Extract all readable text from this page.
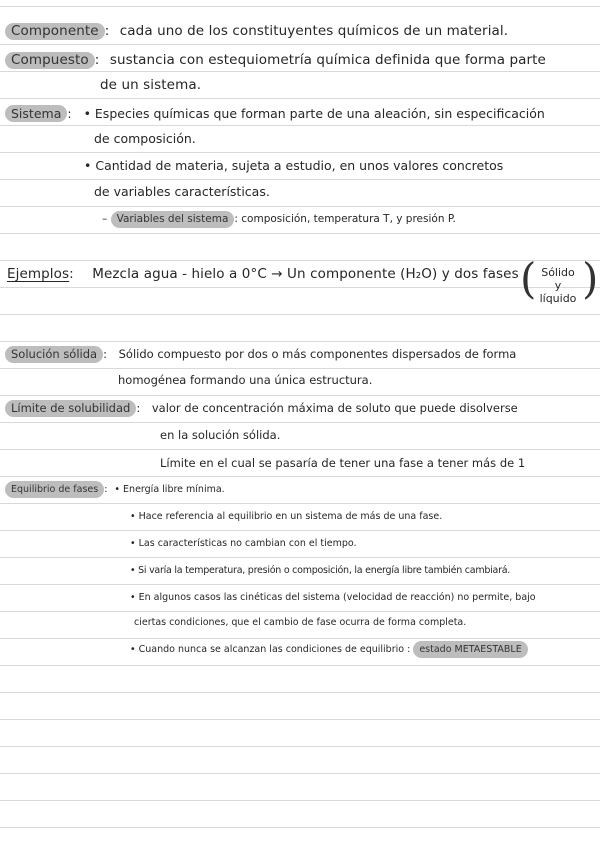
Componente : cada uno de los constituyentes químicos de un material.
Compuesto : sustancia con estequiometría química definida que forma parte
de un sistema.
Sistema : • Especies químicas que forman parte de una aleación, sin especificación
de composición.
• Cantidad de materia, sujeta a estudio, en unos valores concretos
de variables características.
– Variables del sistema : composición, temperatura T, y presión P.
Ejemplos: Mezcla agua - hielo a 0°C → Un componente (H₂O) y dos fases ( Sólido
y
líquido )
Solución sólida : Sólido compuesto por dos o más componentes dispersados de forma
homogénea formando una única estructura.
Límite de solubilidad : valor de concentración máxima de soluto que puede disolverse
en la solución sólida.
Límite en el cual se pasaría de tener una fase a tener más de 1
Equilibrio de fases : • Energía libre mínima.
• Hace referencia al equilibrio en un sistema de más de una fase.
• Las características no cambian con el tiempo.
• Si varía la temperatura, presión o composición, la energía libre también cambiará.
• En algunos casos las cinéticas del sistema (velocidad de reacción) no permite, bajo
ciertas condiciones, que el cambio de fase ocurra de forma completa.
• Cuando nunca se alcanzan las condiciones de equilibrio : estado METAESTABLE
